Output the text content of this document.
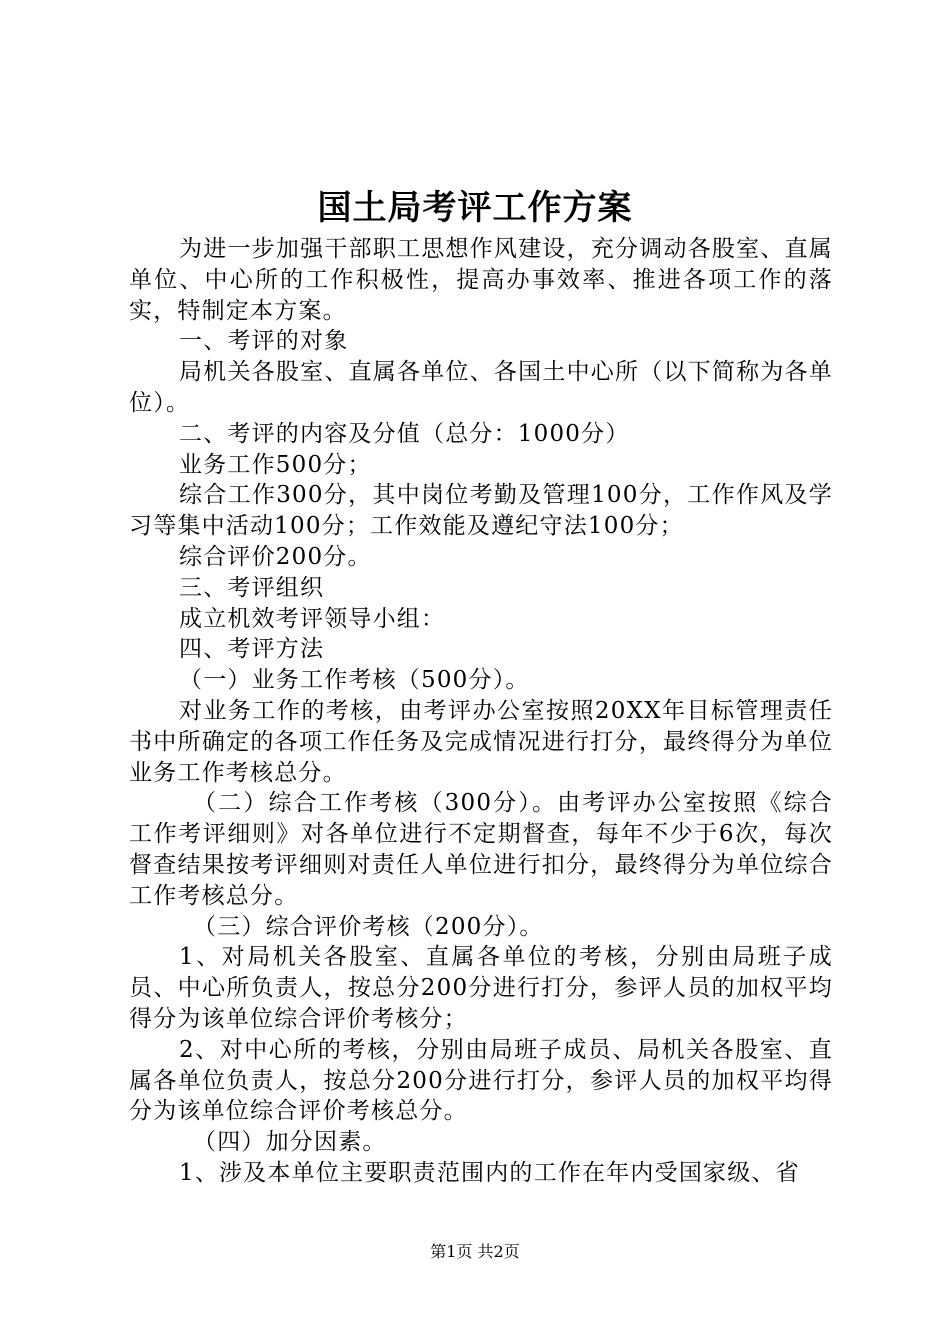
国土局考评工作方案

为进一步加强干部职工思想作风建设，充分调动各股室、直属单位、中心所的工作积极性，提高办事效率、推进各项工作的落实，特制定本方案。

一、考评的对象

局机关各股室、直属各单位、各国土中心所（以下简称为各单位）。

二、考评的内容及分值（总分：1000分）

业务工作500分；

综合工作300分，其中岗位考勤及管理100分，工作作风及学习等集中活动100分；工作效能及遵纪守法100分；

综合评价200分。

三、考评组织

成立机效考评领导小组：

四、考评方法

（一）业务工作考核（500分）。

对业务工作的考核，由考评办公室按照20XX年目标管理责任书中所确定的各项工作任务及完成情况进行打分，最终得分为单位业务工作考核总分。

（二）综合工作考核（300分）。由考评办公室按照《综合工作考评细则》对各单位进行不定期督查，每年不少于6次，每次督查结果按考评细则对责任人单位进行扣分，最终得分为单位综合工作考核总分。

（三）综合评价考核（200分）。

1、对局机关各股室、直属各单位的考核，分别由局班子成员、中心所负责人，按总分200分进行打分，参评人员的加权平均得分为该单位综合评价考核分；

2、对中心所的考核，分别由局班子成员、局机关各股室、直属各单位负责人，按总分200分进行打分，参评人员的加权平均得分为该单位综合评价考核总分。

（四）加分因素。

1、涉及本单位主要职责范围内的工作在年内受国家级、省

第1页 共2页
